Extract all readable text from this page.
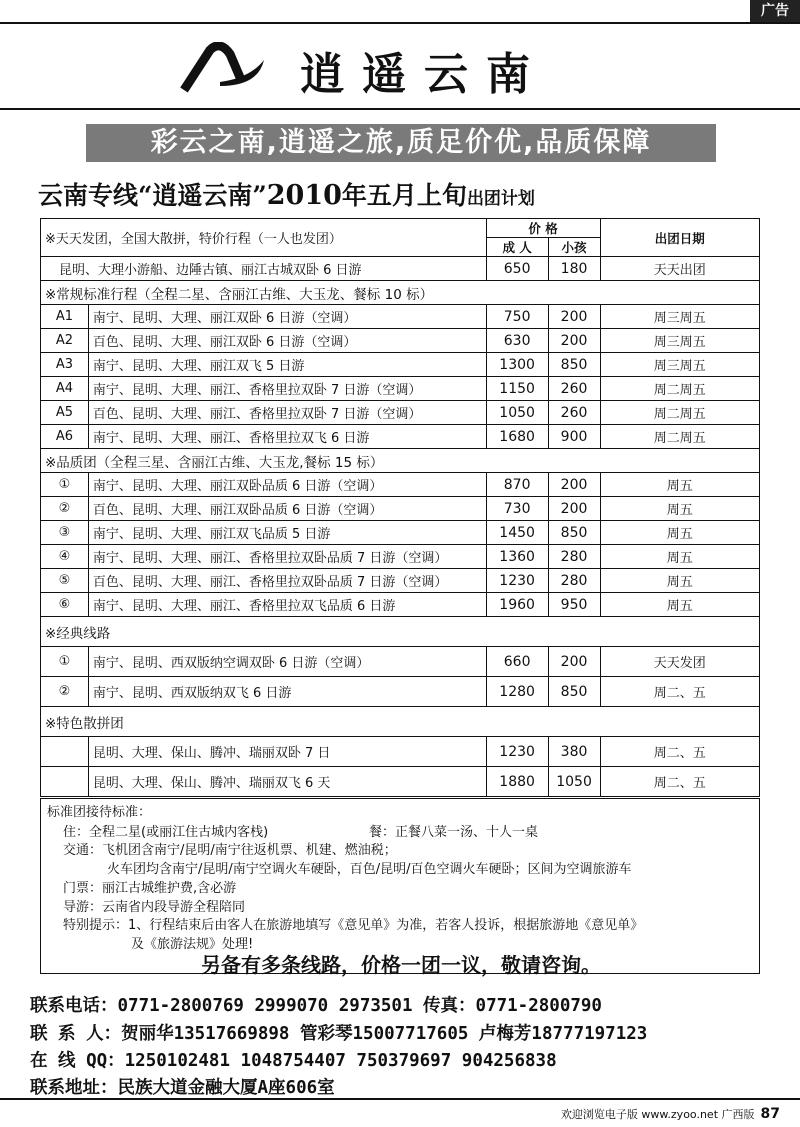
广告
逍遥云南
彩云之南,逍遥之旅,质足价优,品质保障
云南专线“逍遥云南”2010年五月上旬出团计划
※天天发团，全国大散拼，特价行程（一人也发团）		价 格		出团日期
		成 人	小孩	
昆明、大理小游船、边陲古镇、丽江古城双卧 6 日游		650	180	天天出团
※常规标准行程（全程二星、含丽江古维、大玉龙、餐标 10 标）				
A1	南宁、昆明、大理、丽江双卧 6 日游（空调）	750	200	周三周五
A2	百色、昆明、大理、丽江双卧 6 日游（空调）	630	200	周三周五
A3	南宁、昆明、大理、丽江双飞 5 日游	1300	850	周三周五
A4	南宁、昆明、大理、丽江、香格里拉双卧 7 日游（空调）	1150	260	周二周五
A5	百色、昆明、大理、丽江、香格里拉双卧 7 日游（空调）	1050	260	周二周五
A6	南宁、昆明、大理、丽江、香格里拉双飞 6 日游	1680	900	周二周五
※品质团（全程三星、含丽江古维、大玉龙,餐标 15 标）				
①	南宁、昆明、大理、丽江双卧品质 6 日游（空调）	870	200	周五
②	百色、昆明、大理、丽江双卧品质 6 日游（空调）	730	200	周五
③	南宁、昆明、大理、丽江双飞品质 5 日游	1450	850	周五
④	南宁、昆明、大理、丽江、香格里拉双卧品质 7 日游（空调）	1360	280	周五
⑤	百色、昆明、大理、丽江、香格里拉双卧品质 7 日游（空调）	1230	280	周五
⑥	南宁、昆明、大理、丽江、香格里拉双飞品质 6 日游	1960	950	周五
※经典线路				
①	南宁、昆明、西双版纳空调双卧 6 日游（空调）	660	200	天天发团
②	南宁、昆明、西双版纳双飞 6 日游	1280	850	周二、五
※特色散拼团				
	昆明、大理、保山、腾冲、瑞丽双卧 7 日	1230	380	周二、五
	昆明、大理、保山、腾冲、瑞丽双飞 6 天	1880	1050	周二、五
标准团接待标准：
住：全程二星(或丽江住古城内客栈)	餐：正餐八菜一汤、十人一桌
交通：飞机团含南宁/昆明/南宁往返机票、机建、燃油税；
火车团均含南宁/昆明/南宁空调火车硬卧，百色/昆明/百色空调火车硬卧；区间为空调旅游车
门票：丽江古城维护费,含必游
导游：云南省内段导游全程陪同
特别提示：1、行程结束后由客人在旅游地填写《意见单》为准，若客人投诉，根据旅游地《意见单》
及《旅游法规》处理!
另备有多条线路，价格一团一议，敬请咨询。
联系电话：0771-2800769 2999070 2973501 传真：0771-2800790
联 系 人：贺丽华13517669898 管彩琴15007717605 卢梅芳18777197123
在 线 QQ：1250102481 1048754407 750379697 904256838
联系地址：民族大道金融大厦A座606室
欢迎浏览电子版 www.zyoo.net 广西版 87
